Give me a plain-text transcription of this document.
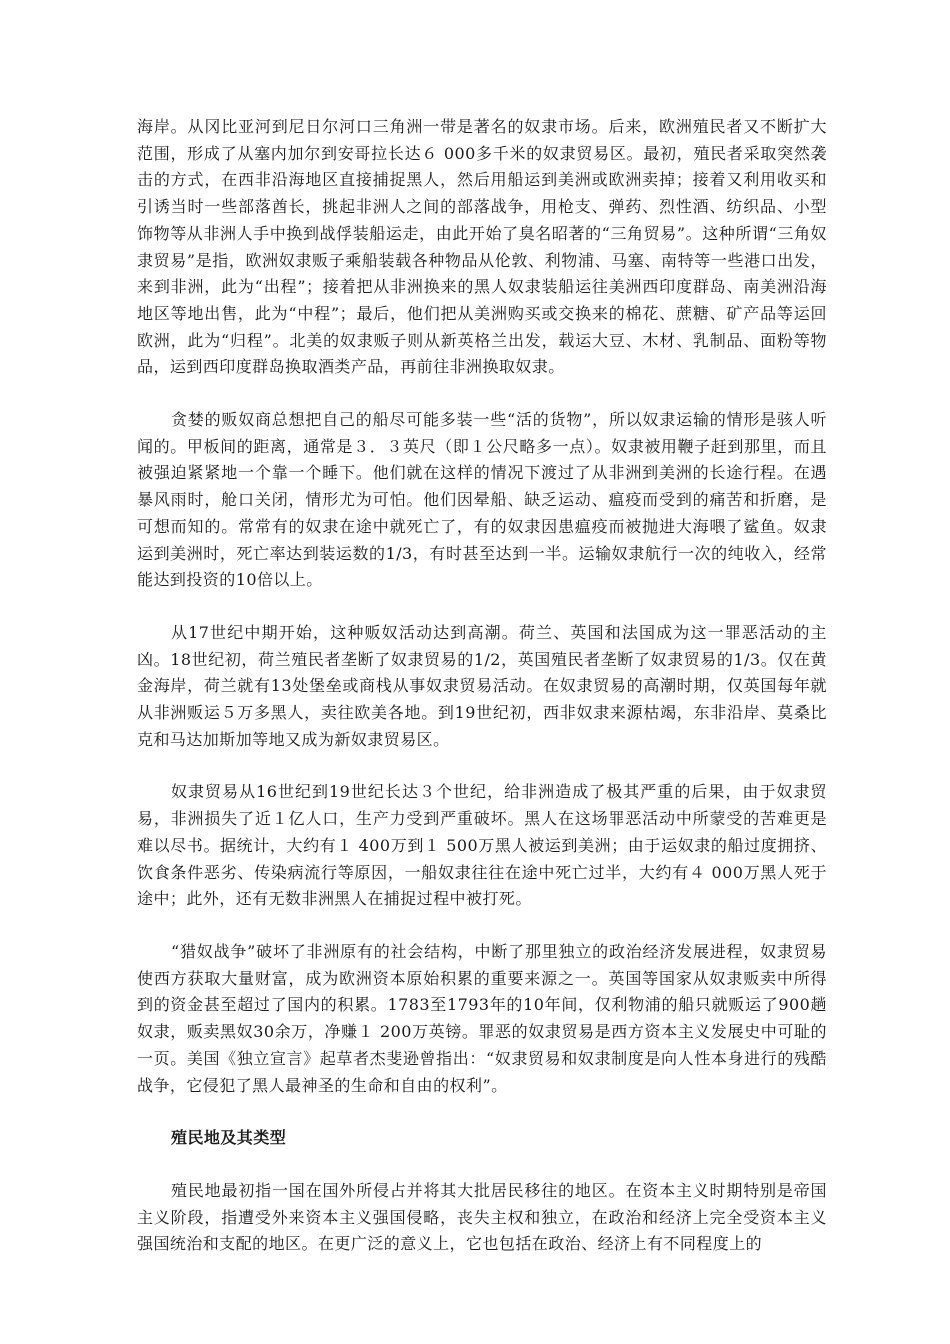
海岸。从冈比亚河到尼日尔河口三角洲一带是著名的奴隶市场。后来，欧洲殖民者又不断扩大范围，形成了从塞内加尔到安哥拉长达６ 000多千米的奴隶贸易区。最初，殖民者采取突然袭击的方式，在西非沿海地区直接捕捉黑人，然后用船运到美洲或欧洲卖掉；接着又利用收买和引诱当时一些部落酋长，挑起非洲人之间的部落战争，用枪支、弹药、烈性酒、纺织品、小型饰物等从非洲人手中换到战俘装船运走，由此开始了臭名昭著的“三角贸易”。这种所谓“三角奴隶贸易”是指，欧洲奴隶贩子乘船装载各种物品从伦敦、利物浦、马塞、南特等一些港口出发，来到非洲，此为“出程”；接着把从非洲换来的黑人奴隶装船运往美洲西印度群岛、南美洲沿海地区等地出售，此为“中程”；最后，他们把从美洲购买或交换来的棉花、蔗糖、矿产品等运回欧洲，此为“归程”。北美的奴隶贩子则从新英格兰出发，载运大豆、木材、乳制品、面粉等物品，运到西印度群岛换取酒类产品，再前往非洲换取奴隶。

贪婪的贩奴商总想把自己的船尽可能多装一些“活的货物”，所以奴隶运输的情形是骇人听闻的。甲板间的距离，通常是３．３英尺（即１公尺略多一点）。奴隶被用鞭子赶到那里，而且被强迫紧紧地一个靠一个睡下。他们就在这样的情况下渡过了从非洲到美洲的长途行程。在遇暴风雨时，舱口关闭，情形尤为可怕。他们因晕船、缺乏运动、瘟疫而受到的痛苦和折磨，是可想而知的。常常有的奴隶在途中就死亡了，有的奴隶因患瘟疫而被抛进大海喂了鲨鱼。奴隶运到美洲时，死亡率达到装运数的1/3，有时甚至达到一半。运输奴隶航行一次的纯收入，经常能达到投资的10倍以上。

从17世纪中期开始，这种贩奴活动达到高潮。荷兰、英国和法国成为这一罪恶活动的主凶。18世纪初，荷兰殖民者垄断了奴隶贸易的1/2，英国殖民者垄断了奴隶贸易的1/3。仅在黄金海岸，荷兰就有13处堡垒或商栈从事奴隶贸易活动。在奴隶贸易的高潮时期，仅英国每年就从非洲贩运５万多黑人，卖往欧美各地。到19世纪初，西非奴隶来源枯竭，东非沿岸、莫桑比克和马达加斯加等地又成为新奴隶贸易区。

奴隶贸易从16世纪到19世纪长达３个世纪，给非洲造成了极其严重的后果，由于奴隶贸易，非洲损失了近１亿人口，生产力受到严重破坏。黑人在这场罪恶活动中所蒙受的苦难更是难以尽书。据统计，大约有１ 400万到１ 500万黑人被运到美洲；由于运奴隶的船过度拥挤、饮食条件恶劣、传染病流行等原因，一船奴隶往往在途中死亡过半，大约有４ 000万黑人死于途中；此外，还有无数非洲黑人在捕捉过程中被打死。

“猎奴战争”破坏了非洲原有的社会结构，中断了那里独立的政治经济发展进程，奴隶贸易使西方获取大量财富，成为欧洲资本原始积累的重要来源之一。英国等国家从奴隶贩卖中所得到的资金甚至超过了国内的积累。1783至1793年的10年间，仅利物浦的船只就贩运了900趟奴隶，贩卖黑奴30余万，净赚１ 200万英镑。罪恶的奴隶贸易是西方资本主义发展史中可耻的一页。美国《独立宣言》起草者杰斐逊曾指出：“奴隶贸易和奴隶制度是向人性本身进行的残酷战争，它侵犯了黑人最神圣的生命和自由的权利”。

殖民地及其类型

殖民地最初指一国在国外所侵占并将其大批居民移往的地区。在资本主义时期特别是帝国主义阶段，指遭受外来资本主义强国侵略，丧失主权和独立，在政治和经济上完全受资本主义强国统治和支配的地区。在更广泛的意义上，它也包括在政治、经济上有不同程度上的
